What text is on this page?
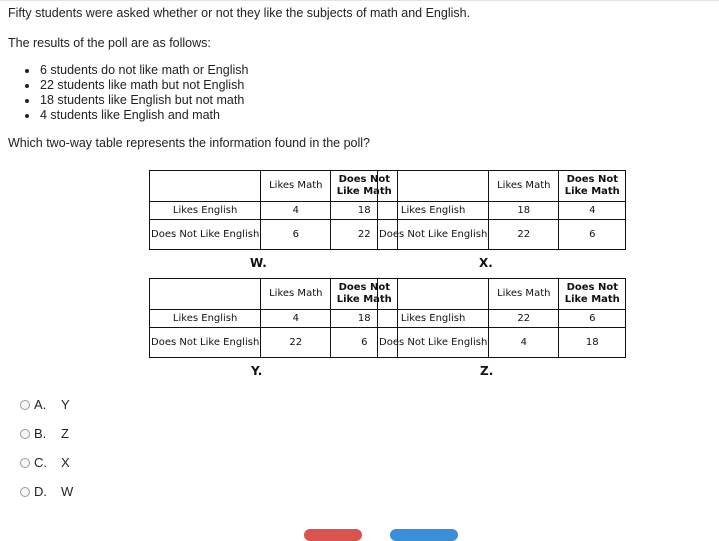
Fifty students were asked whether or not they like the subjects of math and English.
The results of the poll are as follows:
6 students do not like math or English
22 students like math but not English
18 students like English but not math
4 students like English and math
Which two-way table represents the information found in the poll?
	Likes Math	Does Not Like Math
Likes English	4	18
Does Not Like English	6	22
W.
	Likes Math	Does Not Like Math
Likes English	18	4
Does Not Like English	22	6
X.
	Likes Math	Does Not Like Math
Likes English	4	18
Does Not Like English	22	6
Y.
	Likes Math	Does Not Like Math
Likes English	22	6
Does Not Like English	4	18
Z.
A. Y
B. Z
C. X
D. W
